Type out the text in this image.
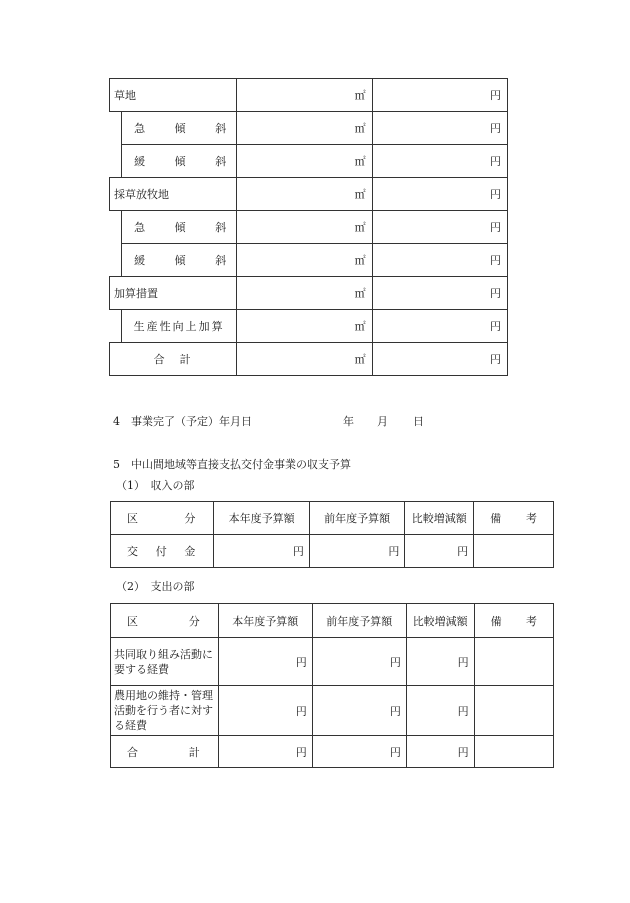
草地		㎡	円

	急 傾 斜	㎡	円

	緩 傾 斜	㎡	円
採草放牧地		㎡	円

	急 傾 斜	㎡	円

	緩 傾 斜	㎡	円
加算措置		㎡	円
	生産性向上加算	㎡	円
合　計		㎡	円
4　事業完了（予定）年月日	年 月 日
5　中山間地域等直接支払交付金事業の収支予算
（1）　収入の部
区 分	本年度予算額	前年度予算額	比較増減額	備 考

交 付 金	円	円	円	
（2）　支出の部
区 分	本年度予算額	前年度予算額	比較増減額	備 考

共同取り組み活動に要する経費	円	円	円	
農用地の維持・管理活動を行う者に対する経費	円	円	円	

合 計	円	円	円	
